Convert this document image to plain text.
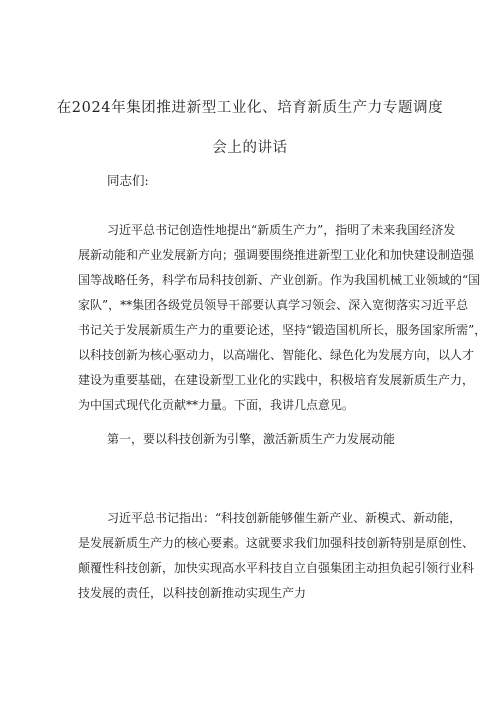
在2024年集团推进新型工业化、培育新质生产力专题调度
会上的讲话
同志们:
习近平总书记创造性地提出“新质生产力”，指明了未来我国经济发
展新动能和产业发展新方向；强调要围绕推进新型工业化和加快建设制造强
国等战略任务，科学布局科技创新、产业创新。作为我国机械工业领域的“国
家队”，**集团各级党员领导干部要认真学习领会、深入宽彻落实习近平总
书记关于发展新质生产力的重要论述，坚持“锻造国机所长，服务国家所需”，
以科技创新为核心驱动力，以高端化、智能化、绿色化为发展方向，以人才
建设为重要基础，在建设新型工业化的实践中，积极培育发展新质生产力，
为中国式现代化贡献**力量。下面，我讲几点意见。
第一，要以科技创新为引擎，激活新质生产力发展动能
习近平总书记指出：“科技创新能够催生新产业、新模式、新动能，
是发展新质生产力的核心要素。这就要求我们加强科技创新特别是原创性、
颠覆性科技创新，加快实现高水平科技自立自强集团主动担负起引领行业科
技发展的责任，以科技创新推动实现生产力
